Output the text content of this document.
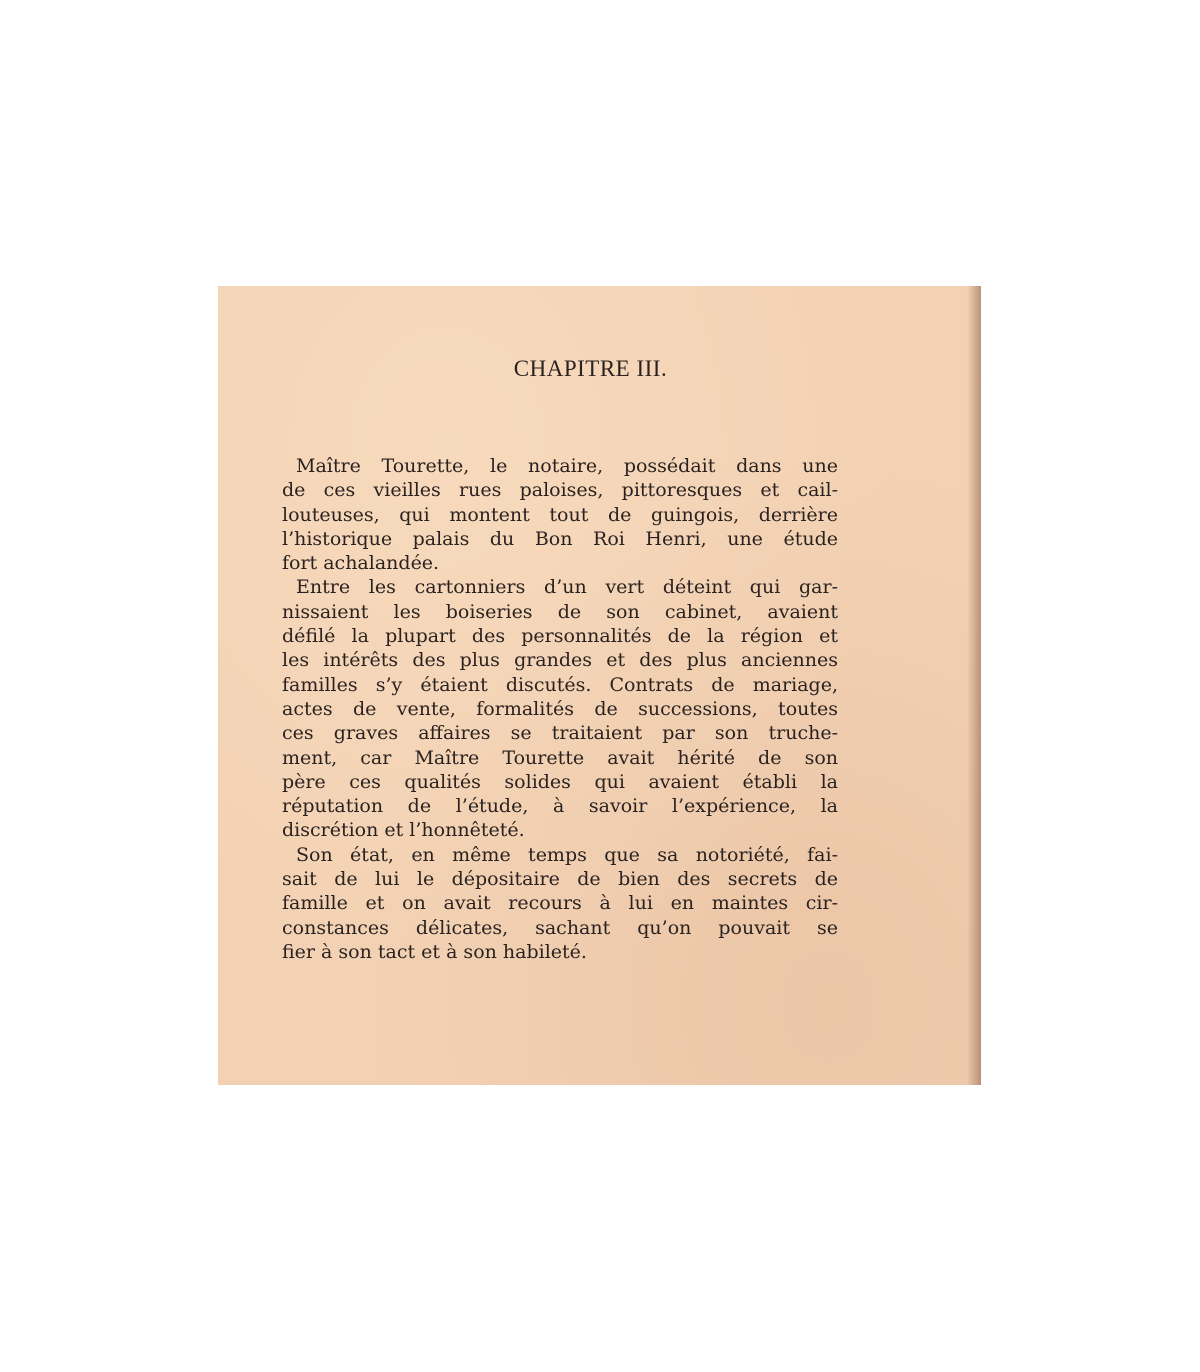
CHAPITRE III.
Maître Tourette, le notaire, possédait dans une
de ces vieilles rues paloises, pittoresques et cail-
louteuses, qui montent tout de guingois, derrière
l’historique palais du Bon Roi Henri, une étude
fort achalandée.
Entre les cartonniers d’un vert déteint qui gar-
nissaient les boiseries de son cabinet, avaient
défilé la plupart des personnalités de la région et
les intérêts des plus grandes et des plus anciennes
familles s’y étaient discutés. Contrats de mariage,
actes de vente, formalités de successions, toutes
ces graves affaires se traitaient par son truche-
ment, car Maître Tourette avait hérité de son
père ces qualités solides qui avaient établi la
réputation de l’étude, à savoir l’expérience, la
discrétion et l’honnêteté.
Son état, en même temps que sa notoriété, fai-
sait de lui le dépositaire de bien des secrets de
famille et on avait recours à lui en maintes cir-
constances délicates, sachant qu’on pouvait se
fier à son tact et à son habileté.
